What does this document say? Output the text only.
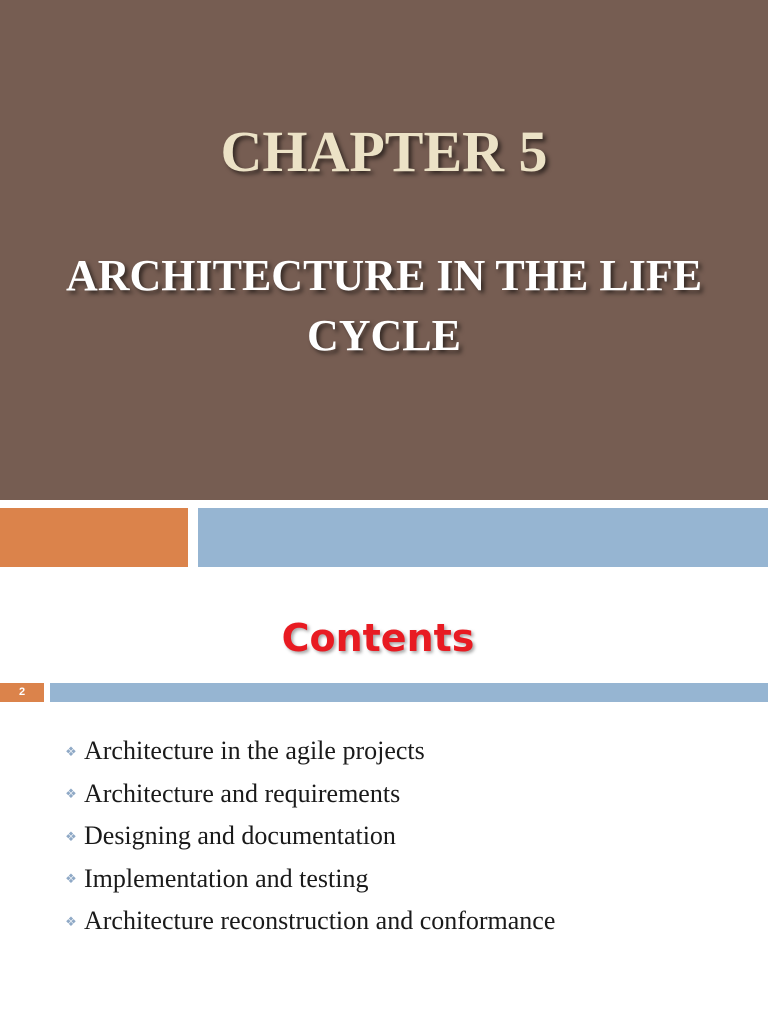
CHAPTER 5
ARCHITECTURE IN THE LIFE CYCLE
Contents
2
❖ Architecture in the agile projects
❖ Architecture and requirements
❖ Designing and documentation
❖ Implementation and testing
❖ Architecture reconstruction and conformance
